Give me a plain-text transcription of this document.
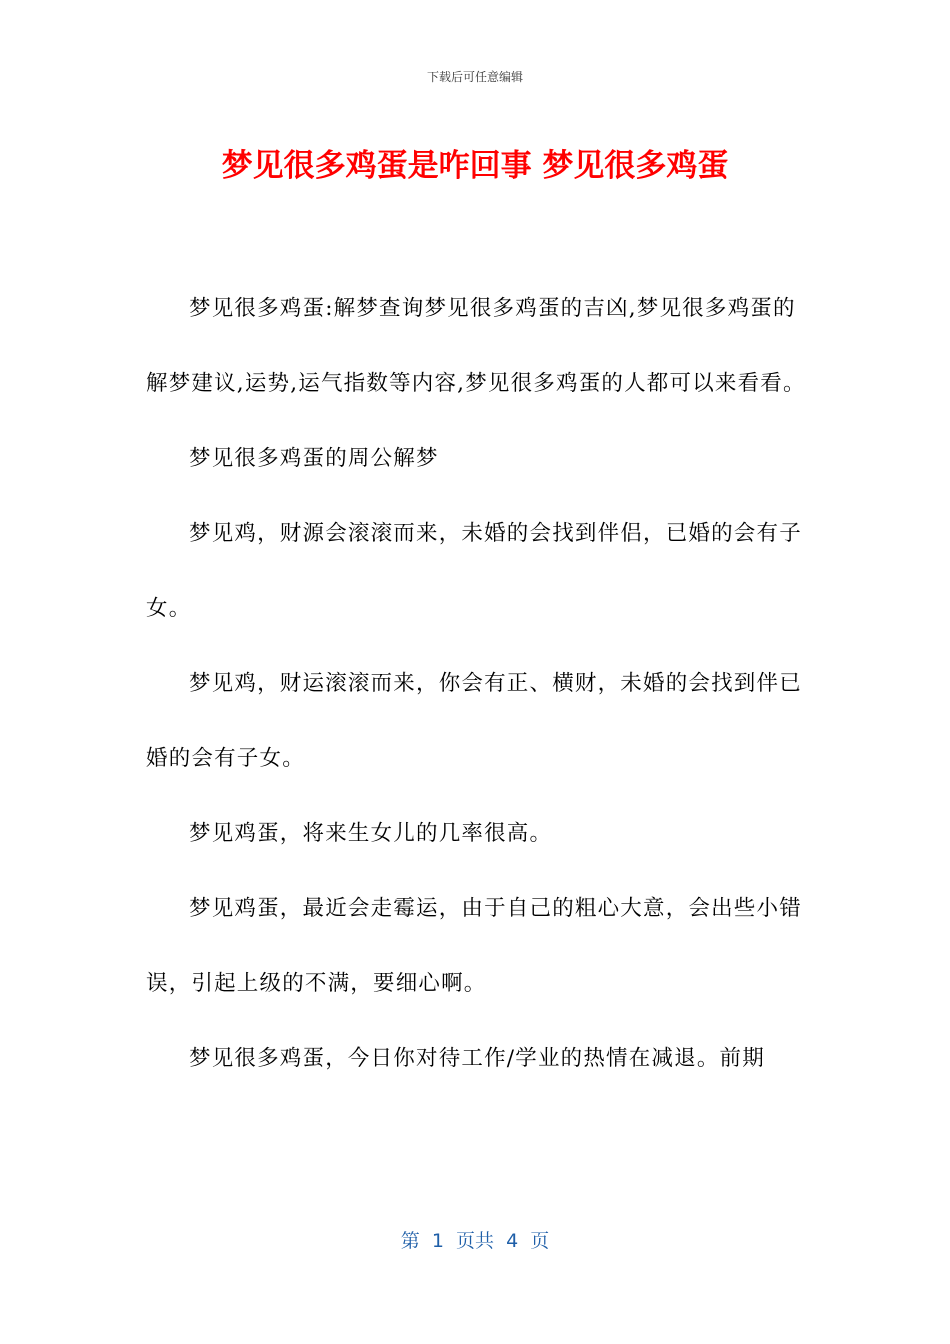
下载后可任意编辑
梦见很多鸡蛋是咋回事 梦见很多鸡蛋

梦见很多鸡蛋:解梦查询梦见很多鸡蛋的吉凶,梦见很多鸡蛋的解梦建议,运势,运气指数等内容,梦见很多鸡蛋的人都可以来看看。

梦见很多鸡蛋的周公解梦

梦见鸡，财源会滚滚而来，未婚的会找到伴侣，已婚的会有子女。

梦见鸡，财运滚滚而来，你会有正、横财，未婚的会找到伴已婚的会有子女。

梦见鸡蛋，将来生女儿的几率很高。

梦见鸡蛋，最近会走霉运，由于自己的粗心大意，会出些小错误，引起上级的不满，要细心啊。

梦见很多鸡蛋，今日你对待工作/学业的热情在减退。前期

第  1  页共  4  页
